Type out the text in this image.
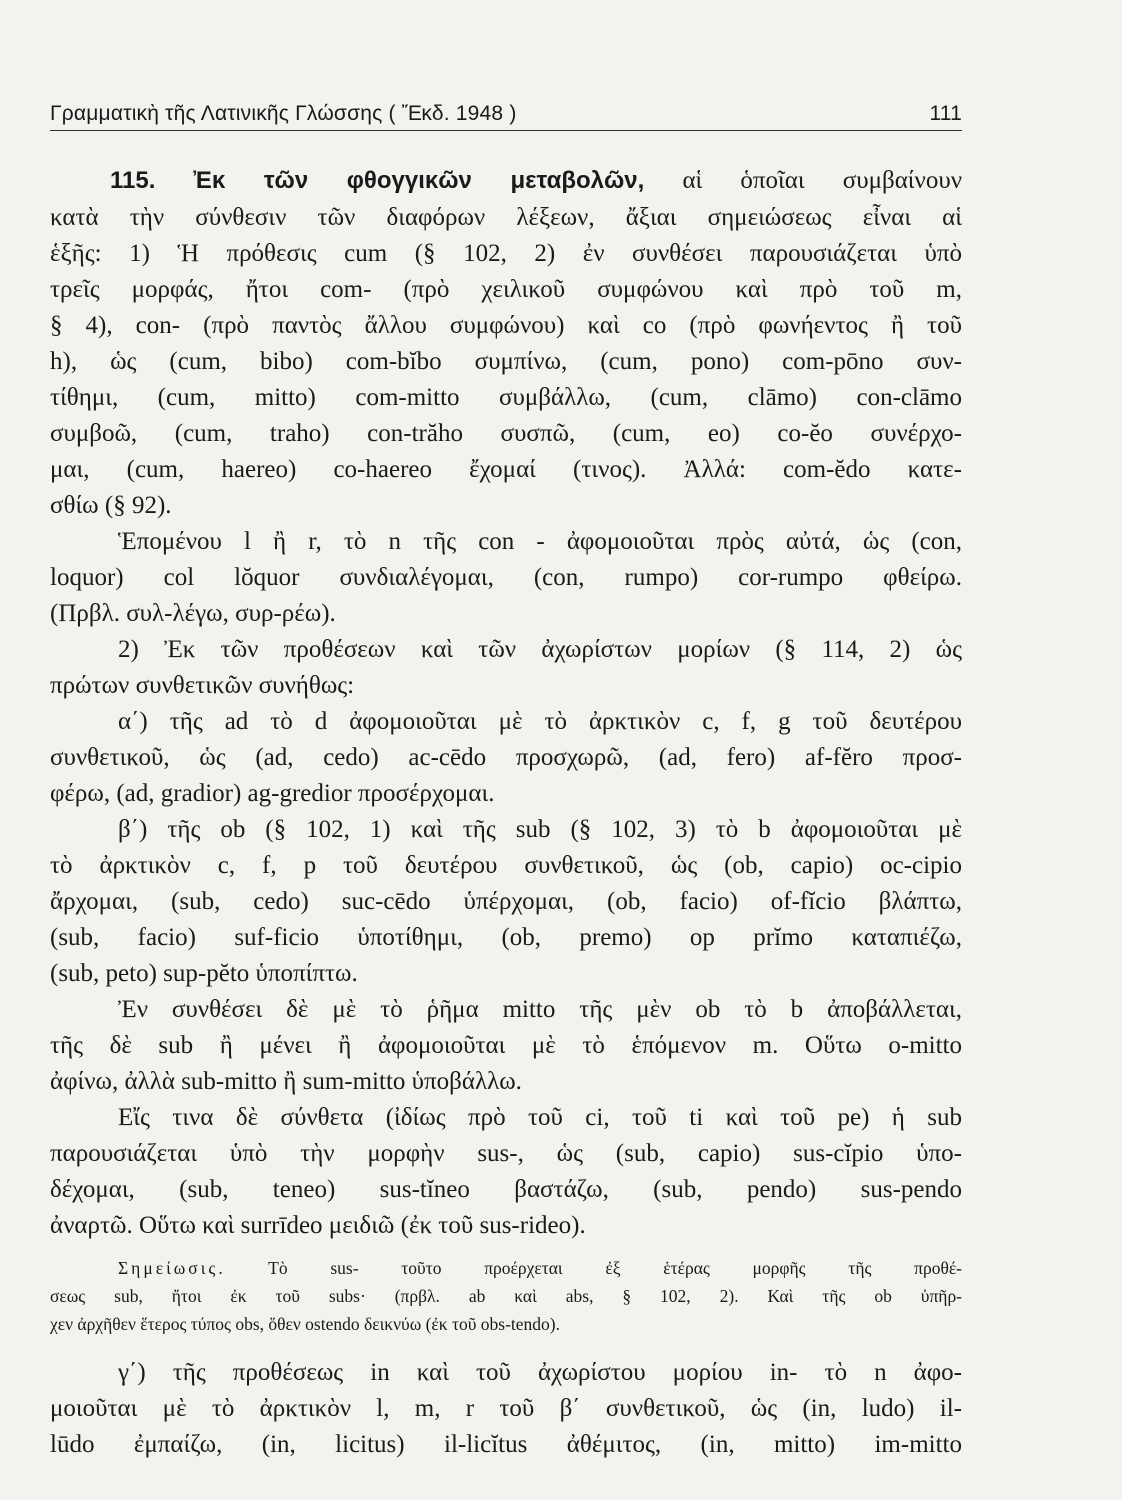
Γραμματικὴ τῆς Λατινικῆς Γλώσσης ( Ἔκδ. 1948 )	111
115. Ἐκ τῶν φθογγικῶν μεταβολῶν, αἱ ὁποῖαι συμβαίνουν
κατὰ τὴν σύνθεσιν τῶν διαφόρων λέξεων, ἄξιαι σημειώσεως εἶναι αἱ
ἑξῆς: 1) Ἡ πρόθεσις cum (§ 102, 2) ἐν συνθέσει παρουσιάζεται ὑπὸ
τρεῖς μορφάς, ἤτοι com- (πρὸ χειλικοῦ συμφώνου καὶ πρὸ τοῦ m,
§ 4), con- (πρὸ παντὸς ἄλλου συμφώνου) καὶ co (πρὸ φωνήεντος ἢ τοῦ
h), ὡς (cum, bibo) com-bĭbo συμπίνω, (cum, pono) com-pōno συν-
τίθημι, (cum, mitto) com-mitto συμβάλλω, (cum, clāmo) con-clāmo
συμβοῶ, (cum, traho) con-trăho συσπῶ, (cum, eo) co-ĕo συνέρχο-
μαι, (cum, haereo) co-haereo ἔχομαί (τινος). Ἀλλά: com-ĕdo κατε-
σθίω (§ 92).
Ἑπομένου l ἢ r, τὸ n τῆς con - ἀφομοιοῦται πρὸς αὐτά, ὡς (con,
loquor) col lŏquor συνδιαλέγομαι, (con, rumpo) cor-rumpo φθείρω.
(Πρβλ. συλ-λέγω, συρ-ρέω).
2) Ἐκ τῶν προθέσεων καὶ τῶν ἀχωρίστων μορίων (§ 114, 2) ὡς
πρώτων συνθετικῶν συνήθως:
α΄) τῆς ad τὸ d ἀφομοιοῦται μὲ τὸ ἀρκτικὸν c, f, g τοῦ δευτέρου
συνθετικοῦ, ὡς (ad, cedo) ac-cēdo προσχωρῶ, (ad, fero) af-fĕro προσ-
φέρω, (ad, gradior) ag-gredior προσέρχομαι.
β΄) τῆς ob (§ 102, 1) καὶ τῆς sub (§ 102, 3) τὸ b ἀφομοιοῦται μὲ
τὸ ἀρκτικὸν c, f, p τοῦ δευτέρου συνθετικοῦ, ὡς (ob, capio) oc-cipio
ἄρχομαι, (sub, cedo) suc-cēdo ὑπέρχομαι, (ob, facio) of-fĭcio βλάπτω,
(sub, facio) suf-ficio ὑποτίθημι, (ob, premo) op prĭmo καταπιέζω,
(sub, peto) sup-pĕto ὑποπίπτω.
Ἐν συνθέσει δὲ μὲ τὸ ῥῆμα mitto τῆς μὲν ob τὸ b ἀποβάλλεται,
τῆς δὲ sub ἢ μένει ἢ ἀφομοιοῦται μὲ τὸ ἑπόμενον m. Οὕτω o-mitto
ἀφίνω, ἀλλὰ sub-mitto ἢ sum-mitto ὑποβάλλω.
Εἴς τινα δὲ σύνθετα (ἰδίως πρὸ τοῦ ci, τοῦ ti καὶ τοῦ pe) ἡ sub
παρουσιάζεται ὑπὸ τὴν μορφὴν sus-, ὡς (sub, capio) sus-cĭpio ὑπο-
δέχομαι, (sub, teneo) sus-tĭneo βαστάζω, (sub, pendo) sus-pendo
ἀναρτῶ. Οὕτω καὶ surrīdeo μειδιῶ (ἐκ τοῦ sus-rideo).
Σημείωσις. Τὸ sus- τοῦτο προέρχεται ἐξ ἑτέρας μορφῆς τῆς προθέ-
σεως sub, ἤτοι ἐκ τοῦ subs· (πρβλ. ab καὶ abs, § 102, 2). Καὶ τῆς ob ὑπῆρ-
χεν ἀρχῆθεν ἕτερος τύπος obs, ὅθεν ostendo δεικνύω (ἐκ τοῦ obs-tendo).
γ΄) τῆς προθέσεως in καὶ τοῦ ἀχωρίστου μορίου in- τὸ n ἀφο-
μοιοῦται μὲ τὸ ἀρκτικὸν l, m, r τοῦ β΄ συνθετικοῦ, ὡς (in, ludo) il-
lūdo ἐμπαίζω, (in, licitus) il-licĭtus ἀθέμιτος, (in, mitto) im-mitto
